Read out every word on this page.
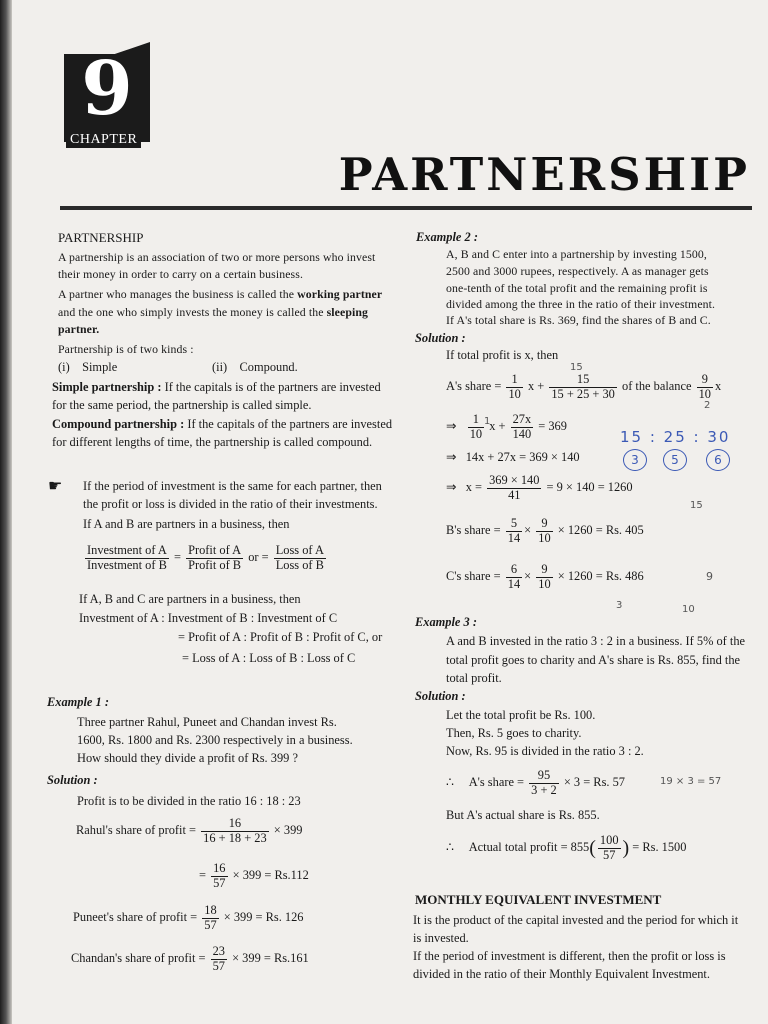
9
CHAPTER
PARTNERSHIP
PARTNERSHIP
A partnership is an association of two or more persons who invest
their money in order to carry on a certain business.
A partner who manages the business is called the working partner
and the one who simply invests the money is called the sleeping
partner.
Partnership is of two kinds :
(i) Simple	(ii) Compound.
Simple partnership : If the capitals is of the partners are invested
for the same period, the partnership is called simple.
Compound partnership : If the capitals of the partners are invested
for different lengths of time, the partnership is called compound.
☛ If the period of investment is the same for each partner, then
the profit or loss is divided in the ratio of their investments.
If A and B are partners in a business, then
Investment of A
Investment of B
= Profit of A
Profit of B
or = Loss of A
Loss of B
If A, B and C are partners in a business, then
Investment of A : Investment of B : Investment of C
= Profit of A : Profit of B : Profit of C, or
= Loss of A : Loss of B : Loss of C
Example 1 :
Three partner Rahul, Puneet and Chandan invest Rs.
1600, Rs. 1800 and Rs. 2300 respectively in a business.
How should they divide a profit of Rs. 399 ?
Solution :
Profit is to be divided in the ratio 16 : 18 : 23
Rahul's share of profit = $\frac{16}{16 + 18 + 23} \times 399$
= $\frac{16}{57} \times 399 = Rs.112$
Puneet's share of profit = $\frac{18}{57} \times 399 = Rs$. 126
Chandan's share of profit = $\frac{23}{57} \times 399 = Rs.161$
Example 2 :
A, B and C enter into a partnership by investing 1500,
2500 and 3000 rupees, respectively. A as manager gets
one-tenth of the total profit and the remaining profit is
divided among the three in the ratio of their investment.
If A's total share is Rs. 369, find the shares of B and C.
Solution :
If total profit is x, then
A's share = $\frac{1}{10}$ $x + \frac{15}{15 + 25 + 30}$ of the balance $\frac{9}{10}$ x
⇒ $\frac{1}{10}$ $x + \frac{27x}{140} = 369$
⇒ 14x + 27x = 369 × 140
⇒ $x = \frac{369 \times 140}{41} = 9 \times 140 = 1260$
B's share = $\frac{5}{14} \times \frac{9}{10} \times 1260 = Rs$. 405
C's share = $\frac{6}{14} \times \frac{9}{10} \times 1260 = Rs$. 486
Example 3 :
A and B invested in the ratio 3 : 2 in a business. If 5% of the
total profit goes to charity and A's share is Rs. 855, find the
total profit.
Solution :
Let the total profit be Rs. 100.
Then, Rs. 5 goes to charity.
Now, Rs. 95 is divided in the ratio 3 : 2.
∴ A's share = $\frac{95}{3 + 2} \times 3 = Rs$. 57
But A's actual share is Rs. 855.
∴ Actual total profit = $855( \frac{100}{57}$ ) = Rs. 1500
MONTHLY EQUIVALENT INVESTMENT
It is the product of the capital invested and the period for which it
is invested.
If the period of investment is different, then the profit or loss is
divided in the ratio of their Monthly Equivalent Investment.
15 : 25 : 30
3	5	6
15
15
1
2
9
10
3
19 × 3 = 57
